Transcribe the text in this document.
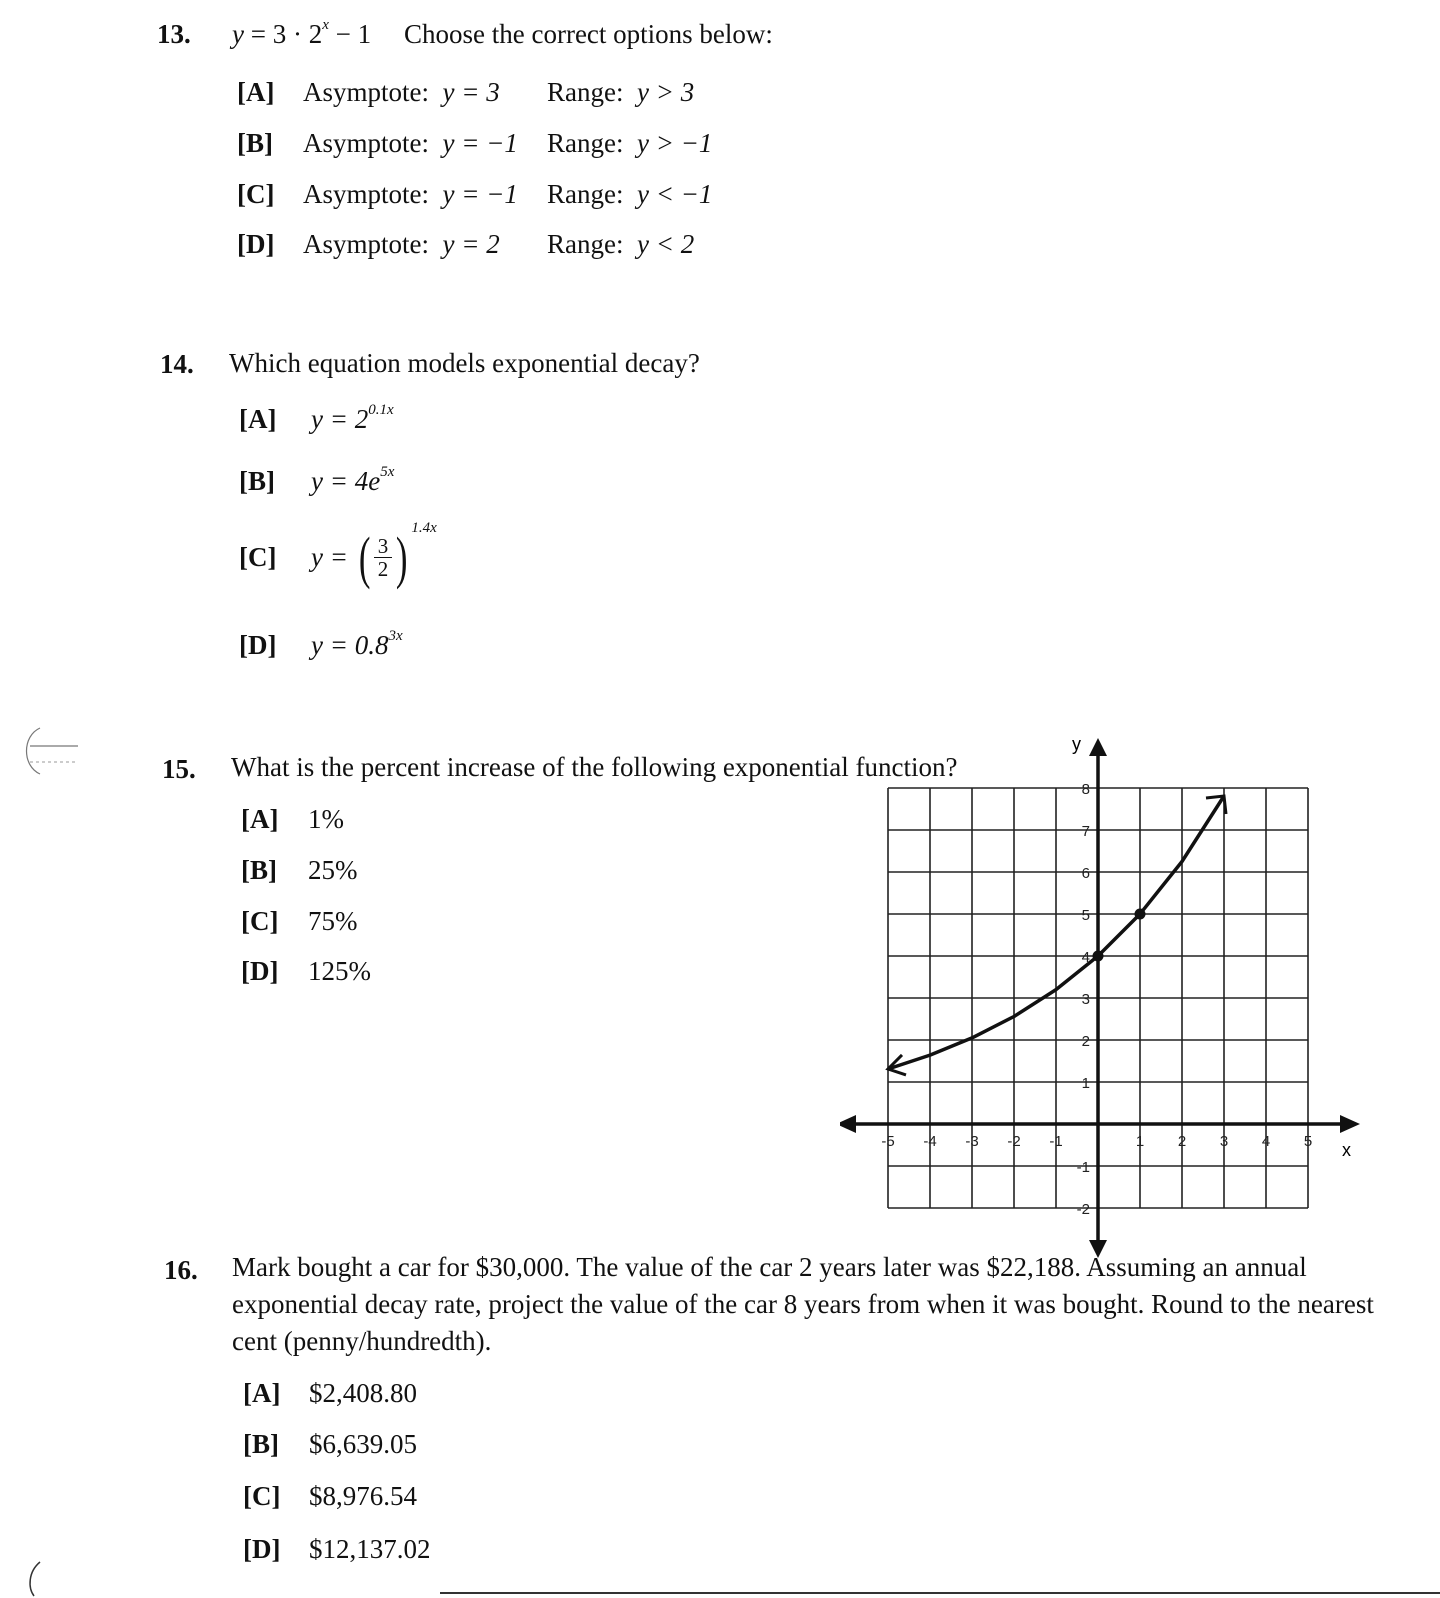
13. $y = 3 \cdot 2^x - 1$ Choose the correct options below:
[A] Asymptote: y = 3 Range: y > 3
[B] Asymptote: y = −1 Range: y > −1
[C] Asymptote: y = −1 Range: y < −1
[D] Asymptote: y = 2 Range: y < 2
14. Which equation models exponential decay?
[A] $y = 2^{0.1x}$
[B] $y = 4e^{5x}$
[C] y = ( $\frac{3}{2}$ ) $^{1.4x}$
[D] $y = 0.8^{3x}$
15. What is the percent increase of the following exponential function?
[A] 1%
[B] 25%
[C] 75%
[D] 125%
x
y
-5 -4 -3 -2 -1	1 2 3 4 5
-2
-1
1
2
3
4
5
6
7
8
16. Mark bought a car for $30,000. The value of the car 2 years later was $22,188. Assuming an annual exponential decay rate, project the value of the car 8 years from when it was bought. Round to the nearest cent (penny/hundredth).
[A] $2,408.80
[B] $6,639.05
[C] $8,976.54
[D] $12,137.02
